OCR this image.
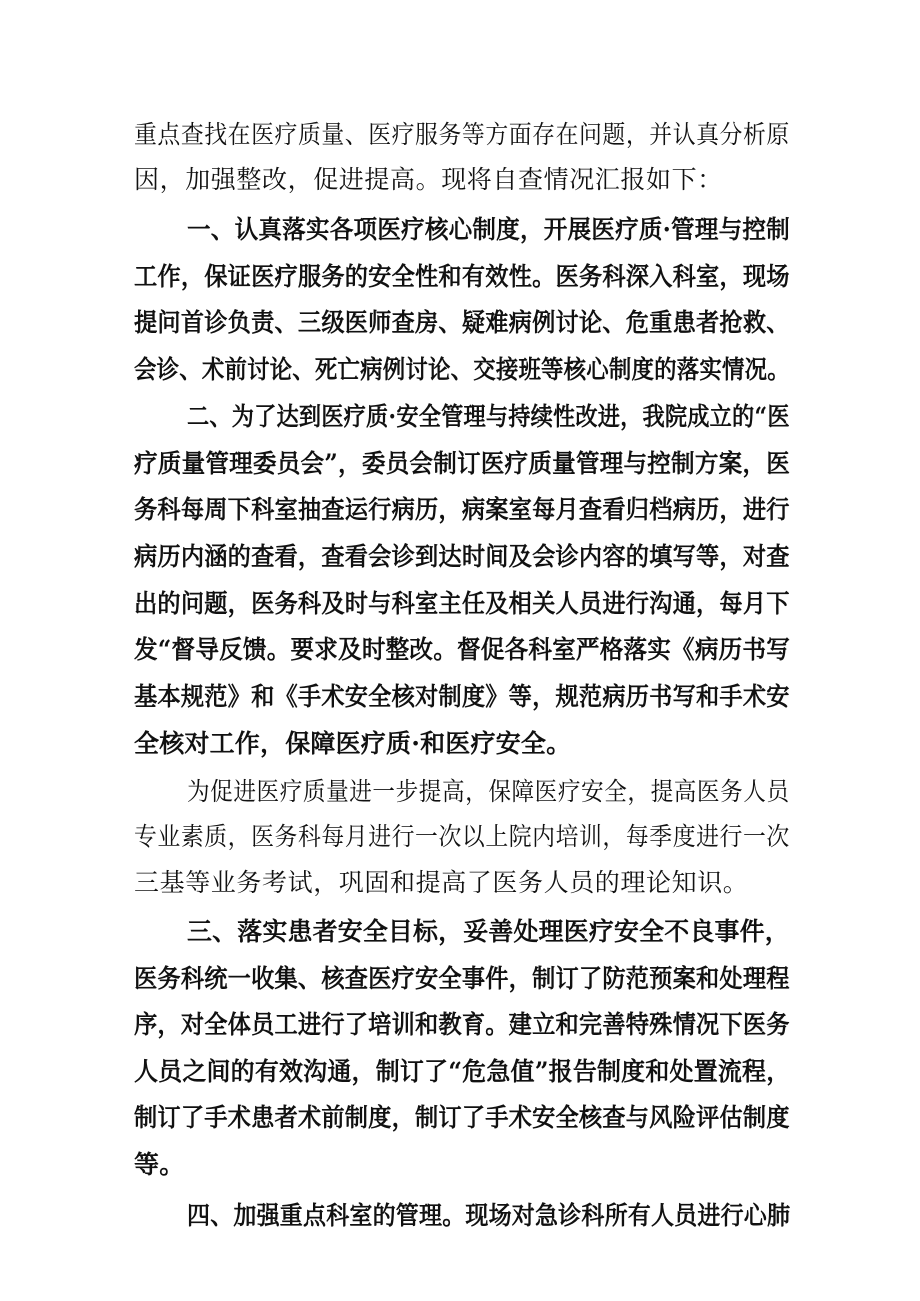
重点查找在医疗质量、医疗服务等方面存在问题，并认真分析原
因，加强整改，促进提高。现将自查情况汇报如下：
一、认真落实各项医疗核心制度，开展医疗质·管理与控制
工作，保证医疗服务的安全性和有效性。医务科深入科室，现场
提问首诊负责、三级医师查房、疑难病例讨论、危重患者抢救、
会诊、术前讨论、死亡病例讨论、交接班等核心制度的落实情况。
二、为了达到医疗质·安全管理与持续性改进，我院成立的“医
疗质量管理委员会”，委员会制订医疗质量管理与控制方案，医
务科每周下科室抽查运行病历，病案室每月查看归档病历，进行
病历内涵的查看，查看会诊到达时间及会诊内容的填写等，对查
出的问题，医务科及时与科室主任及相关人员进行沟通，每月下
发“督导反馈。要求及时整改。督促各科室严格落实《病历书写
基本规范》和《手术安全核对制度》等，规范病历书写和手术安
全核对工作，保障医疗质·和医疗安全。
为促进医疗质量进一步提高，保障医疗安全，提高医务人员
专业素质，医务科每月进行一次以上院内培训，每季度进行一次
三基等业务考试，巩固和提高了医务人员的理论知识。
三、落实患者安全目标，妥善处理医疗安全不良事件，
医务科统一收集、核查医疗安全事件，制订了防范预案和处理程
序，对全体员工进行了培训和教育。建立和完善特殊情况下医务
人员之间的有效沟通，制订了“危急值”报告制度和处置流程，
制订了手术患者术前制度，制订了手术安全核查与风险评估制度
等。
四、加强重点科室的管理。现场对急诊科所有人员进行心肺
